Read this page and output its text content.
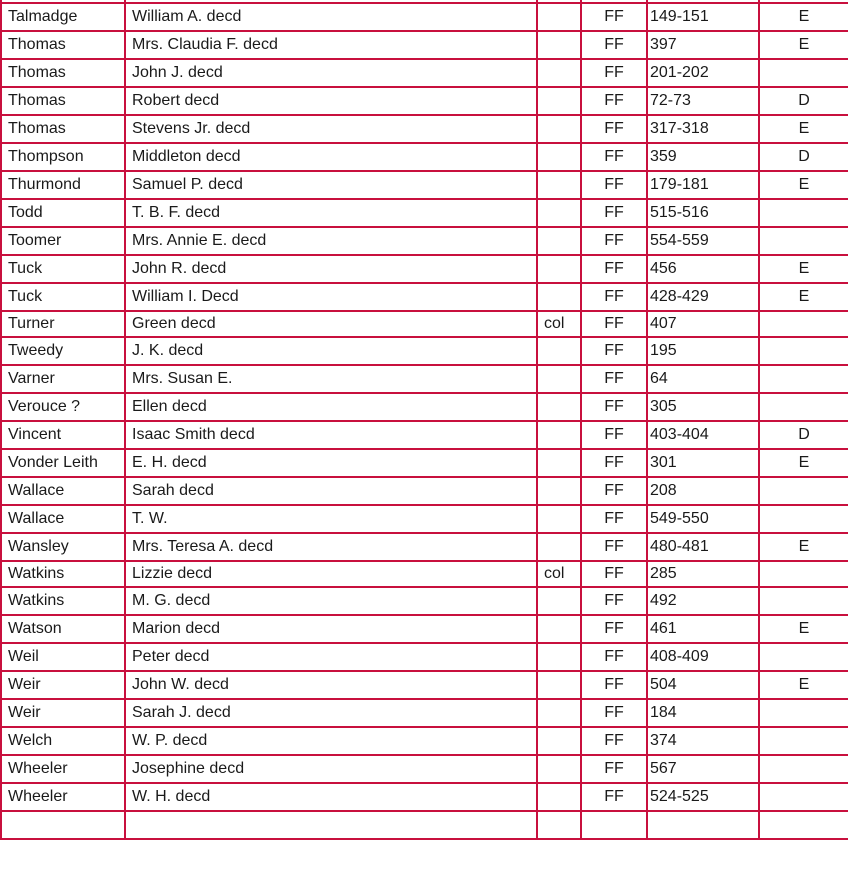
Talmadge	William A. decd		FF	149-151	E
Thomas	Mrs. Claudia F. decd		FF	397	E
Thomas	John J. decd		FF	201-202	
Thomas	Robert decd		FF	72-73	D
Thomas	Stevens Jr. decd		FF	317-318	E
Thompson	Middleton decd		FF	359	D
Thurmond	Samuel P. decd		FF	179-181	E
Todd	T. B. F. decd		FF	515-516	
Toomer	Mrs. Annie E. decd		FF	554-559	
Tuck	John R. decd		FF	456	E
Tuck	William I. Decd		FF	428-429	E
Turner	Green decd	col	FF	407	
Tweedy	J. K. decd		FF	195	
Varner	Mrs. Susan E.		FF	64	
Verouce ?	Ellen decd		FF	305	
Vincent	Isaac Smith decd		FF	403-404	D
Vonder Leith	E. H. decd		FF	301	E
Wallace	Sarah decd		FF	208	
Wallace	T. W.		FF	549-550	
Wansley	Mrs. Teresa A. decd		FF	480-481	E
Watkins	Lizzie decd	col	FF	285	
Watkins	M. G. decd		FF	492	
Watson	Marion decd		FF	461	E
Weil	Peter decd		FF	408-409	
Weir	John W. decd		FF	504	E
Weir	Sarah J. decd		FF	184	
Welch	W. P. decd		FF	374	
Wheeler	Josephine decd		FF	567	
Wheeler	W. H. decd		FF	524-525	
